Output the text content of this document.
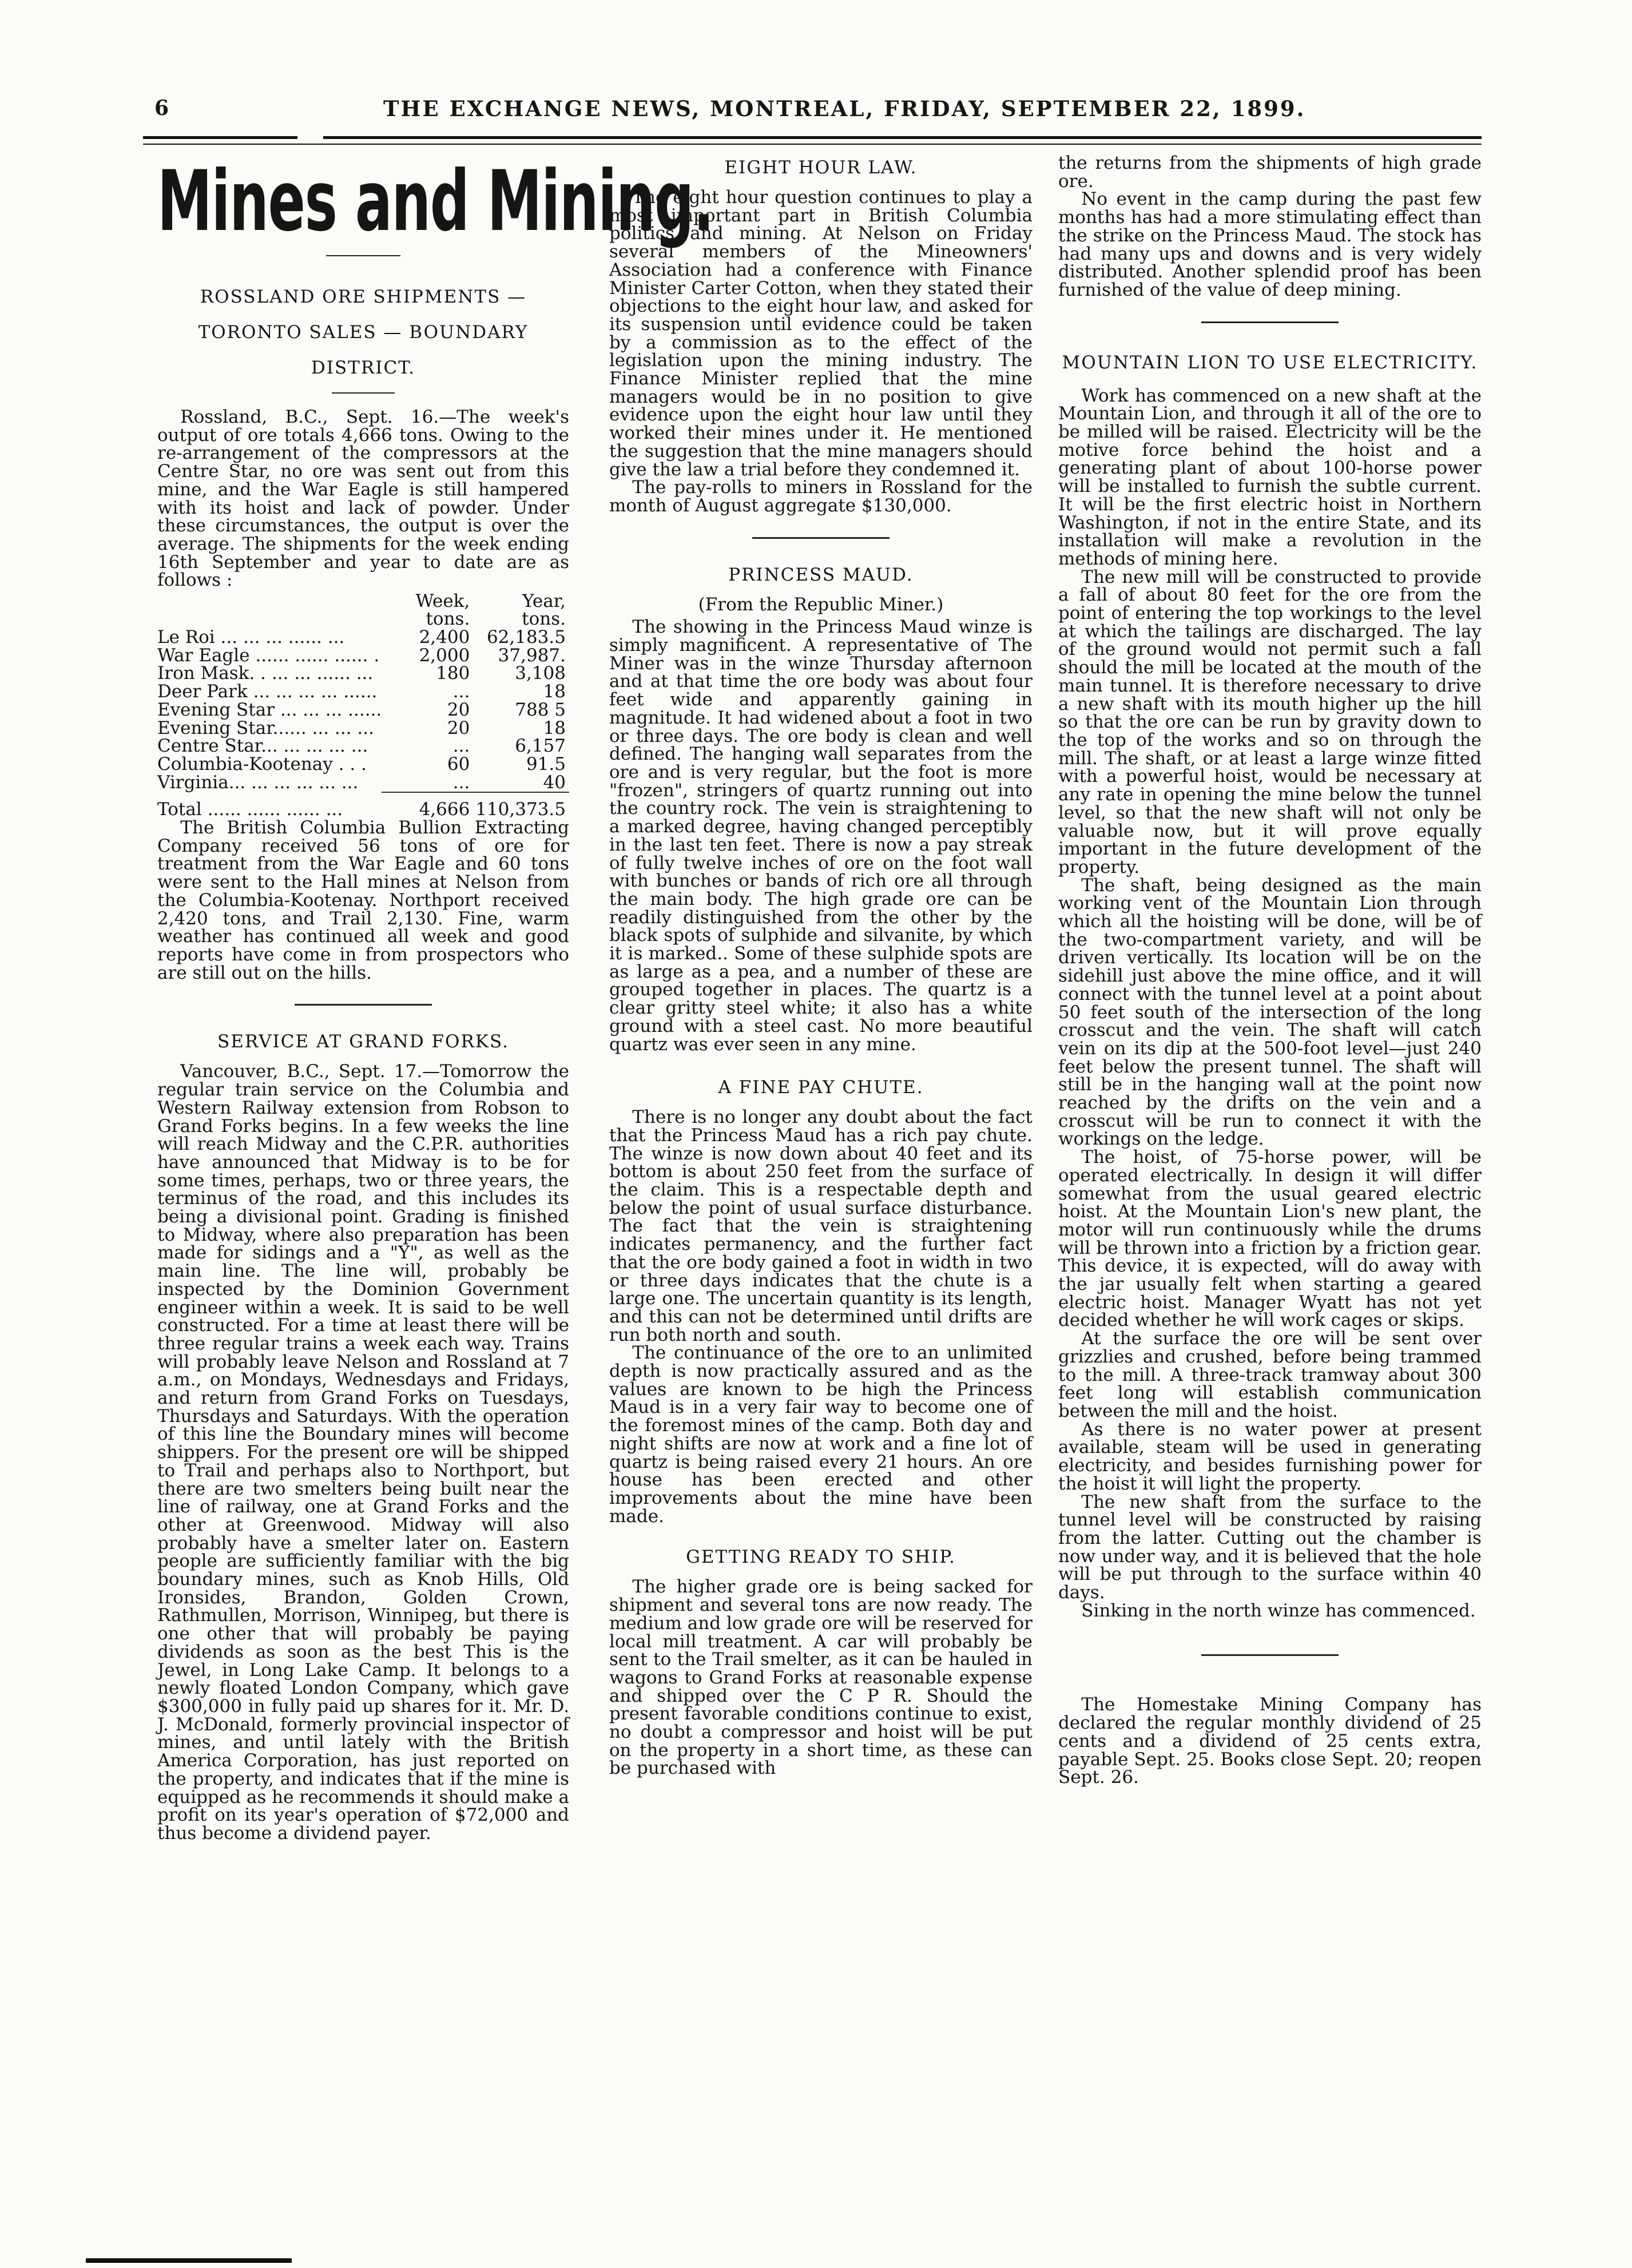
6	THE EXCHANGE NEWS, MONTREAL, FRIDAY, SEPTEMBER 22, 1899.
Mines and Mining.
ROSSLAND ORE SHIPMENTS — TORONTO SALES — BOUNDARY DISTRICT.

Rossland, B.C., Sept. 16.—The week's output of ore totals 4,666 tons. Owing to the re-arrangement of the compressors at the Centre Star, no ore was sent out from this mine, and the War Eagle is still hampered with its hoist and lack of powder. Under these circumstances, the output is over the average. The shipments for the week ending 16th September and year to date are as follows :

	Week, tons.	Year, tons.
Le Roi ... ... ... ...... ...	2,400	62,183.5
War Eagle ...... ...... ...... .	2,000	37,987.
Iron Mask. . ... ... ...... ...	180	3,108
Deer Park ... ... ... ... ......	...	18
Evening Star ... ... ... ......	20	788 5
Evening Star...... ... ... ...	20	18
Centre Star... ... ... ... ...	...	6,157
Columbia-Kootenay . . .	60	91.5
Virginia... ... ... ... ... ...	...	40

Total ...... ...... ...... ...	4,666	110,373.5

The British Columbia Bullion Extracting Company received 56 tons of ore for treatment from the War Eagle and 60 tons were sent to the Hall mines at Nelson from the Columbia-Kootenay. Northport received 2,420 tons, and Trail 2,130. Fine, warm weather has continued all week and good reports have come in from prospectors who are still out on the hills.

SERVICE AT GRAND FORKS.

Vancouver, B.C., Sept. 17.—Tomorrow the regular train service on the Columbia and Western Railway extension from Robson to Grand Forks begins. In a few weeks the line will reach Midway and the C.P.R. authorities have announced that Midway is to be for some times, perhaps, two or three years, the terminus of the road, and this includes its being a divisional point. Grading is finished to Midway, where also preparation has been made for sidings and a "Y", as well as the main line. The line will, probably be inspected by the Dominion Government engineer within a week. It is said to be well constructed. For a time at least there will be three regular trains a week each way. Trains will probably leave Nelson and Rossland at 7 a.m., on Mondays, Wednesdays and Fridays, and return from Grand Forks on Tuesdays, Thursdays and Saturdays. With the operation of this line the Boundary mines will become shippers. For the present ore will be shipped to Trail and perhaps also to Northport, but there are two smelters being built near the line of railway, one at Grand Forks and the other at Greenwood. Midway will also probably have a smelter later on. Eastern people are sufficiently familiar with the big boundary mines, such as Knob Hills, Old Ironsides, Brandon, Golden Crown, Rathmullen, Morrison, Winnipeg, but there is one other that will probably be paying dividends as soon as the best This is the Jewel, in Long Lake Camp. It belongs to a newly floated London Company, which gave $300,000 in fully paid up shares for it. Mr. D. J. McDonald, formerly provincial inspector of mines, and until lately with the British America Corporation, has just reported on the property, and indicates that if the mine is equipped as he recommends it should make a profit on its year's operation of $72,000 and thus become a dividend payer.

EIGHT HOUR LAW.

The eight hour question continues to play a most important part in British Columbia politics and mining. At Nelson on Friday several members of the Mineowners' Association had a conference with Finance Minister Carter Cotton, when they stated their objections to the eight hour law, and asked for its suspension until evidence could be taken by a commission as to the effect of the legislation upon the mining industry. The Finance Minister replied that the mine managers would be in no position to give evidence upon the eight hour law until they worked their mines under it. He mentioned the suggestion that the mine managers should give the law a trial before they condemned it.

The pay-rolls to miners in Rossland for the month of August aggregate $130,000.

PRINCESS MAUD.
(From the Republic Miner.)

The showing in the Princess Maud winze is simply magnificent. A representative of The Miner was in the winze Thursday afternoon and at that time the ore body was about four feet wide and apparently gaining in magnitude. It had widened about a foot in two or three days. The ore body is clean and well defined. The hanging wall separates from the ore and is very regular, but the foot is more "frozen", stringers of quartz running out into the country rock. The vein is straightening to a marked degree, having changed perceptibly in the last ten feet. There is now a pay streak of fully twelve inches of ore on the foot wall with bunches or bands of rich ore all through the main body. The high grade ore can be readily distinguished from the other by the black spots of sulphide and silvanite, by which it is marked.. Some of these sulphide spots are as large as a pea, and a number of these are grouped together in places. The quartz is a clear gritty steel white; it also has a white ground with a steel cast. No more beautiful quartz was ever seen in any mine.

A FINE PAY CHUTE.

There is no longer any doubt about the fact that the Princess Maud has a rich pay chute. The winze is now down about 40 feet and its bottom is about 250 feet from the surface of the claim. This is a respectable depth and below the point of usual surface disturbance. The fact that the vein is straightening indicates permanency, and the further fact that the ore body gained a foot in width in two or three days indicates that the chute is a large one. The uncertain quantity is its length, and this can not be determined until drifts are run both north and south.

The continuance of the ore to an unlimited depth is now practically assured and as the values are known to be high the Princess Maud is in a very fair way to become one of the foremost mines of the camp. Both day and night shifts are now at work and a fine lot of quartz is being raised every 21 hours. An ore house has been erected and other improvements about the mine have been made.

GETTING READY TO SHIP.

The higher grade ore is being sacked for shipment and several tons are now ready. The medium and low grade ore will be reserved for local mill treatment. A car will probably be sent to the Trail smelter, as it can be hauled in wagons to Grand Forks at reasonable expense and shipped over the C P R. Should the present favorable conditions continue to exist, no doubt a compressor and hoist will be put on the property in a short time, as these can be purchased with

the returns from the shipments of high grade ore.

No event in the camp during the past few months has had a more stimulating effect than the strike on the Princess Maud. The stock has had many ups and downs and is very widely distributed. Another splendid proof has been furnished of the value of deep mining.

MOUNTAIN LION TO USE ELECTRICITY.

Work has commenced on a new shaft at the Mountain Lion, and through it all of the ore to be milled will be raised. Electricity will be the motive force behind the hoist and a generating plant of about 100-horse power will be installed to furnish the subtle current. It will be the first electric hoist in Northern Washington, if not in the entire State, and its installation will make a revolution in the methods of mining here.

The new mill will be constructed to provide a fall of about 80 feet for the ore from the point of entering the top workings to the level at which the tailings are discharged. The lay of the ground would not permit such a fall should the mill be located at the mouth of the main tunnel. It is therefore necessary to drive a new shaft with its mouth higher up the hill so that the ore can be run by gravity down to the top of the works and so on through the mill. The shaft, or at least a large winze fitted with a powerful hoist, would be necessary at any rate in opening the mine below the tunnel level, so that the new shaft will not only be valuable now, but it will prove equally important in the future development of the property.

The shaft, being designed as the main working vent of the Mountain Lion through which all the hoisting will be done, will be of the two-compartment variety, and will be driven vertically. Its location will be on the sidehill just above the mine office, and it will connect with the tunnel level at a point about 50 feet south of the intersection of the long crosscut and the vein. The shaft will catch vein on its dip at the 500-foot level—just 240 feet below the present tunnel. The shaft will still be in the hanging wall at the point now reached by the drifts on the vein and a crosscut will be run to connect it with the workings on the ledge.

The hoist, of 75-horse power, will be operated electrically. In design it will differ somewhat from the usual geared electric hoist. At the Mountain Lion's new plant, the motor will run continuously while the drums will be thrown into a friction by a friction gear. This device, it is expected, will do away with the jar usually felt when starting a geared electric hoist. Manager Wyatt has not yet decided whether he will work cages or skips.

At the surface the ore will be sent over grizzlies and crushed, before being trammed to the mill. A three-track tramway about 300 feet long will establish communication between the mill and the hoist.

As there is no water power at present available, steam will be used in generating electricity, and besides furnishing power for the hoist it will light the property.

The new shaft from the surface to the tunnel level will be constructed by raising from the latter. Cutting out the chamber is now under way, and it is believed that the hole will be put through to the surface within 40 days.

Sinking in the north winze has commenced.

The Homestake Mining Company has declared the regular monthly dividend of 25 cents and a dividend of 25 cents extra, payable Sept. 25. Books close Sept. 20; reopen Sept. 26.
